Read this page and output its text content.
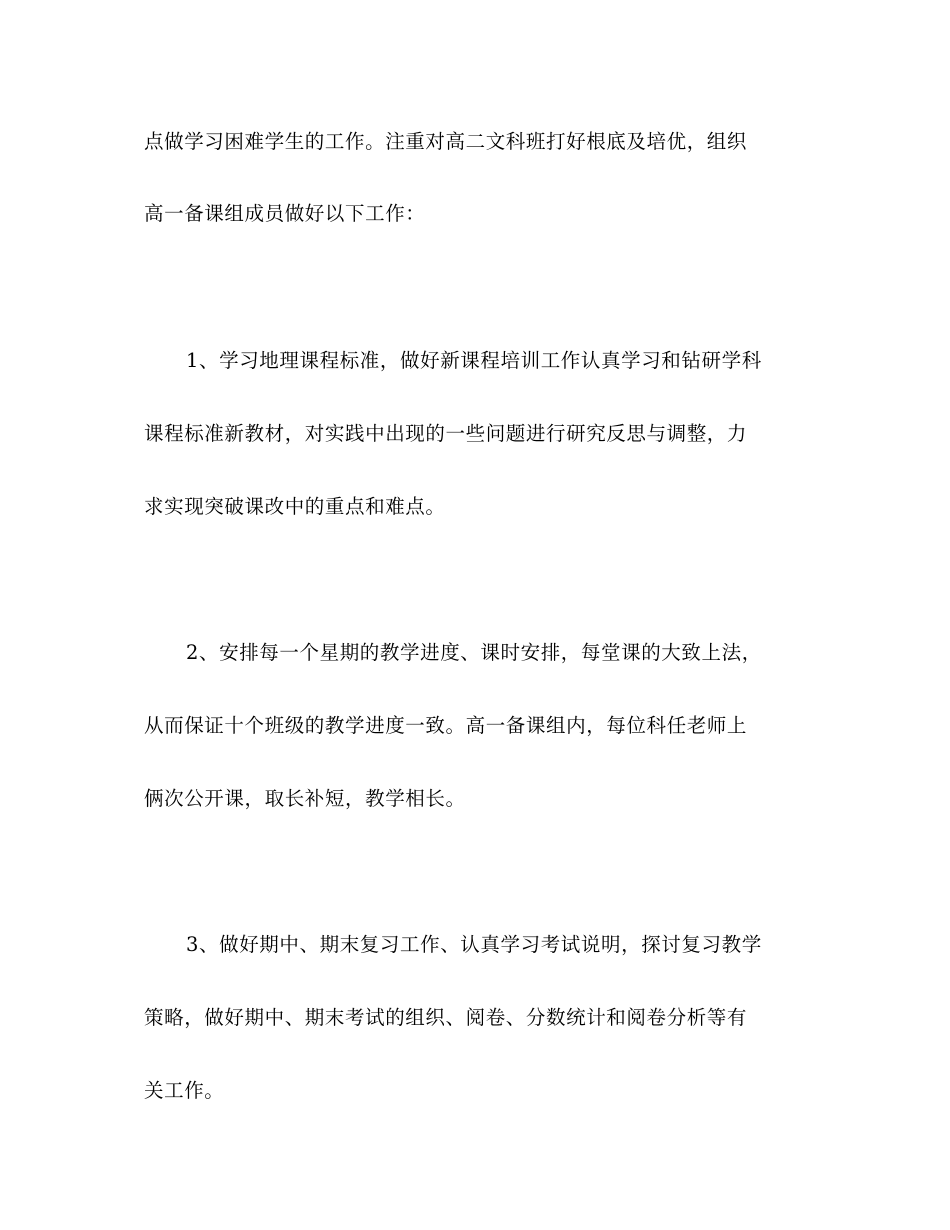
点做学习困难学生的工作。注重对高二文科班打好根底及培优，组织
高一备课组成员做好以下工作：
1、学习地理课程标准，做好新课程培训工作认真学习和钻研学科
课程标准新教材，对实践中出现的一些问题进行研究反思与调整，力
求实现突破课改中的重点和难点。
2、安排每一个星期的教学进度、课时安排，每堂课的大致上法，
从而保证十个班级的教学进度一致。高一备课组内，每位科任老师上
俩次公开课，取长补短，教学相长。
3、做好期中、期末复习工作、认真学习考试说明，探讨复习教学
策略，做好期中、期末考试的组织、阅卷、分数统计和阅卷分析等有
关工作。
